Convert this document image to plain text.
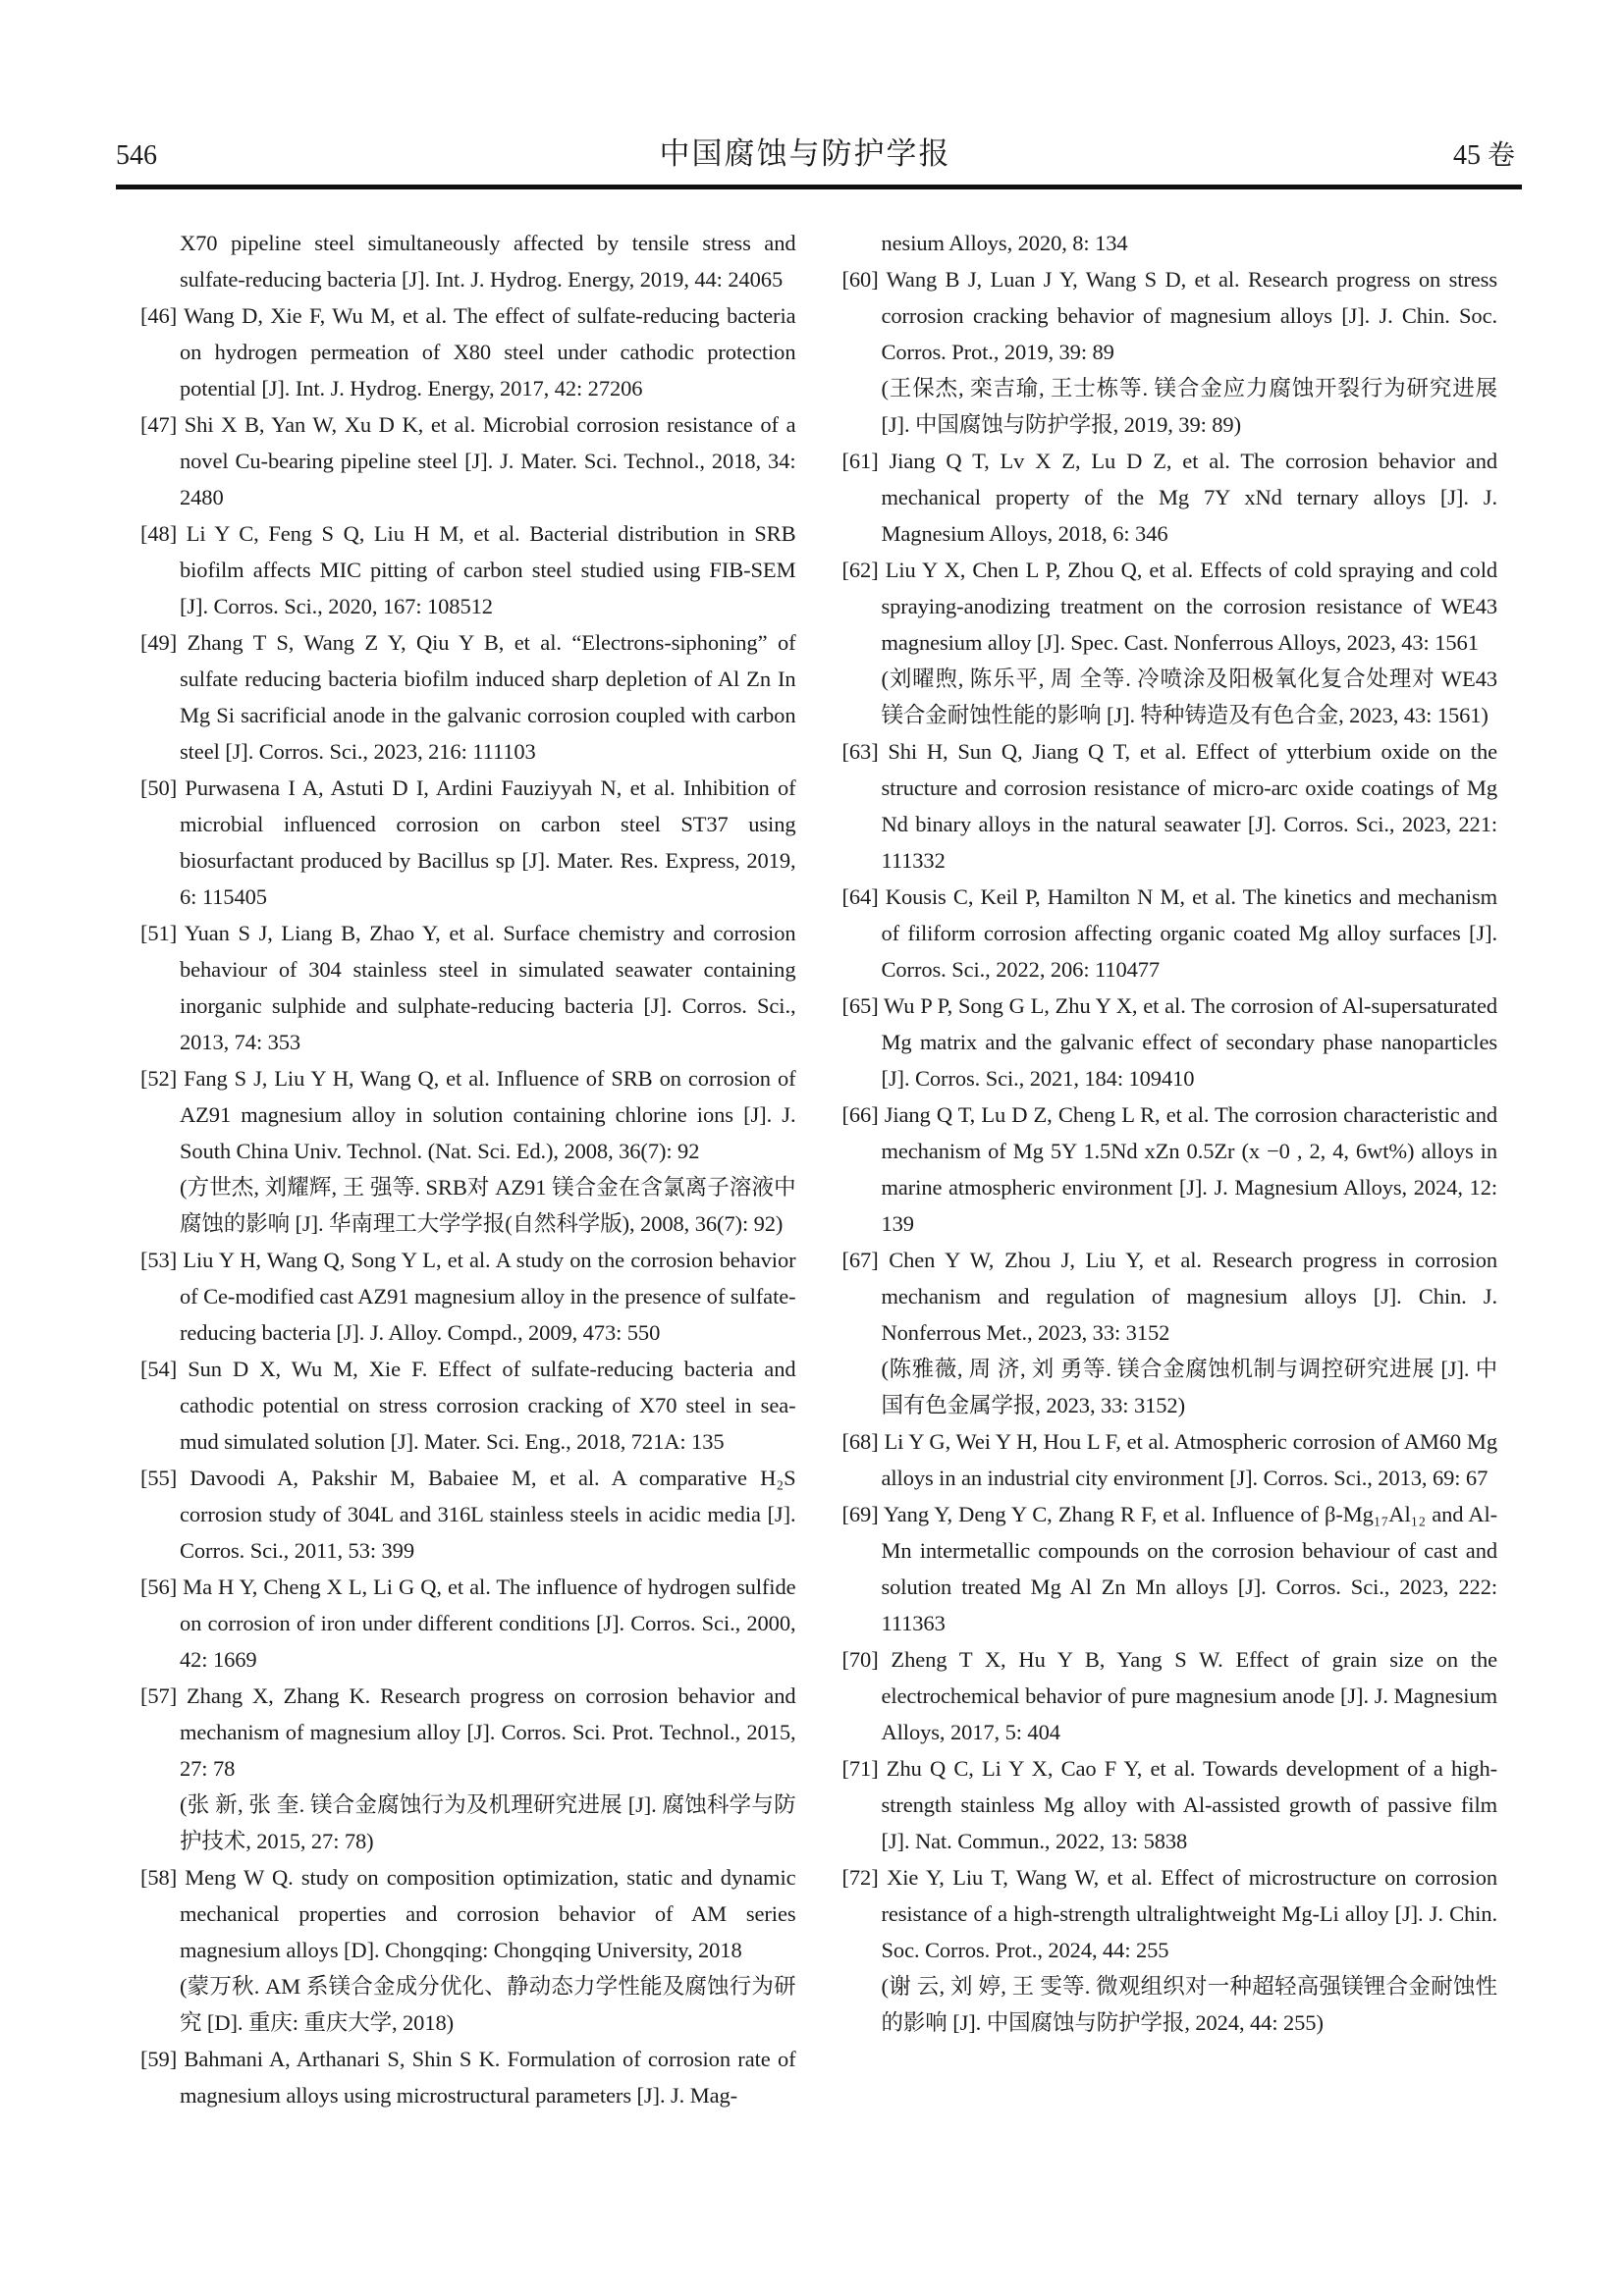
546	中国腐蚀与防护学报	45 卷

X70 pipeline steel simultaneously affected by tensile stress and sulfate-reducing bacteria [J]. Int. J. Hydrog. Energy, 2019, 44: 24065

[46] Wang D, Xie F, Wu M, et al. The effect of sulfate-reducing bacteria on hydrogen permeation of X80 steel under cathodic protection potential [J]. Int. J. Hydrog. Energy, 2017, 42: 27206

[47] Shi X B, Yan W, Xu D K, et al. Microbial corrosion resistance of a novel Cu-bearing pipeline steel [J]. J. Mater. Sci. Technol., 2018, 34: 2480

[48] Li Y C, Feng S Q, Liu H M, et al. Bacterial distribution in SRB biofilm affects MIC pitting of carbon steel studied using FIB-SEM [J]. Corros. Sci., 2020, 167: 108512

[49] Zhang T S, Wang Z Y, Qiu Y B, et al. “Electrons-siphoning” of sulfate reducing bacteria biofilm induced sharp depletion of Al Zn In Mg Si sacrificial anode in the galvanic corrosion coupled with carbon steel [J]. Corros. Sci., 2023, 216: 111103

[50] Purwasena I A, Astuti D I, Ardini Fauziyyah N, et al. Inhibition of microbial influenced corrosion on carbon steel ST37 using biosurfactant produced by Bacillus sp [J]. Mater. Res. Express, 2019, 6: 115405

[51] Yuan S J, Liang B, Zhao Y, et al. Surface chemistry and corrosion behaviour of 304 stainless steel in simulated seawater containing inorganic sulphide and sulphate-reducing bacteria [J]. Corros. Sci., 2013, 74: 353

[52] Fang S J, Liu Y H, Wang Q, et al. Influence of SRB on corrosion of AZ91 magnesium alloy in solution containing chlorine ions [J]. J. South China Univ. Technol. (Nat. Sci. Ed.), 2008, 36(7): 92

(方世杰, 刘耀辉, 王 强等. SRB对 AZ91 镁合金在含氯离子溶液中腐蚀的影响 [J]. 华南理工大学学报(自然科学版), 2008, 36(7): 92)

[53] Liu Y H, Wang Q, Song Y L, et al. A study on the corrosion behavior of Ce-modified cast AZ91 magnesium alloy in the presence of sulfate-reducing bacteria [J]. J. Alloy. Compd., 2009, 473: 550

[54] Sun D X, Wu M, Xie F. Effect of sulfate-reducing bacteria and cathodic potential on stress corrosion cracking of X70 steel in sea-mud simulated solution [J]. Mater. Sci. Eng., 2018, 721A: 135

[55] Davoodi A, Pakshir M, Babaiee M, et al. A comparative H₂S corrosion study of 304L and 316L stainless steels in acidic media [J]. Corros. Sci., 2011, 53: 399

[56] Ma H Y, Cheng X L, Li G Q, et al. The influence of hydrogen sulfide on corrosion of iron under different conditions [J]. Corros. Sci., 2000, 42: 1669

[57] Zhang X, Zhang K. Research progress on corrosion behavior and mechanism of magnesium alloy [J]. Corros. Sci. Prot. Technol., 2015, 27: 78

(张 新, 张 奎. 镁合金腐蚀行为及机理研究进展 [J]. 腐蚀科学与防护技术, 2015, 27: 78)

[58] Meng W Q. study on composition optimization, static and dynamic mechanical properties and corrosion behavior of AM series magnesium alloys [D]. Chongqing: Chongqing University, 2018

(蒙万秋. AM 系镁合金成分优化、静动态力学性能及腐蚀行为研究 [D]. 重庆: 重庆大学, 2018)

[59] Bahmani A, Arthanari S, Shin S K. Formulation of corrosion rate of magnesium alloys using microstructural parameters [J]. J. Mag-

nesium Alloys, 2020, 8: 134

[60] Wang B J, Luan J Y, Wang S D, et al. Research progress on stress corrosion cracking behavior of magnesium alloys [J]. J. Chin. Soc. Corros. Prot., 2019, 39: 89

(王保杰, 栾吉瑜, 王士栋等. 镁合金应力腐蚀开裂行为研究进展 [J]. 中国腐蚀与防护学报, 2019, 39: 89)

[61] Jiang Q T, Lv X Z, Lu D Z, et al. The corrosion behavior and mechanical property of the Mg 7Y xNd ternary alloys [J]. J. Magnesium Alloys, 2018, 6: 346

[62] Liu Y X, Chen L P, Zhou Q, et al. Effects of cold spraying and cold spraying-anodizing treatment on the corrosion resistance of WE43 magnesium alloy [J]. Spec. Cast. Nonferrous Alloys, 2023, 43: 1561

(刘曜煦, 陈乐平, 周 全等. 冷喷涂及阳极氧化复合处理对 WE43 镁合金耐蚀性能的影响 [J]. 特种铸造及有色合金, 2023, 43: 1561)

[63] Shi H, Sun Q, Jiang Q T, et al. Effect of ytterbium oxide on the structure and corrosion resistance of micro-arc oxide coatings of Mg Nd binary alloys in the natural seawater [J]. Corros. Sci., 2023, 221: 111332

[64] Kousis C, Keil P, Hamilton N M, et al. The kinetics and mechanism of filiform corrosion affecting organic coated Mg alloy surfaces [J]. Corros. Sci., 2022, 206: 110477

[65] Wu P P, Song G L, Zhu Y X, et al. The corrosion of Al-supersaturated Mg matrix and the galvanic effect of secondary phase nanoparticles [J]. Corros. Sci., 2021, 184: 109410

[66] Jiang Q T, Lu D Z, Cheng L R, et al. The corrosion characteristic and mechanism of Mg 5Y 1.5Nd xZn 0.5Zr (x −0 , 2, 4, 6wt%) alloys in marine atmospheric environment [J]. J. Magnesium Alloys, 2024, 12: 139

[67] Chen Y W, Zhou J, Liu Y, et al. Research progress in corrosion mechanism and regulation of magnesium alloys [J]. Chin. J. Nonferrous Met., 2023, 33: 3152

(陈雅薇, 周 济, 刘 勇等. 镁合金腐蚀机制与调控研究进展 [J]. 中国有色金属学报, 2023, 33: 3152)

[68] Li Y G, Wei Y H, Hou L F, et al. Atmospheric corrosion of AM60 Mg alloys in an industrial city environment [J]. Corros. Sci., 2013, 69: 67

[69] Yang Y, Deng Y C, Zhang R F, et al. Influence of β-Mg₁₇Al₁₂ and Al-Mn intermetallic compounds on the corrosion behaviour of cast and solution treated Mg Al Zn Mn alloys [J]. Corros. Sci., 2023, 222: 111363

[70] Zheng T X, Hu Y B, Yang S W. Effect of grain size on the electrochemical behavior of pure magnesium anode [J]. J. Magnesium Alloys, 2017, 5: 404

[71] Zhu Q C, Li Y X, Cao F Y, et al. Towards development of a high-strength stainless Mg alloy with Al-assisted growth of passive film [J]. Nat. Commun., 2022, 13: 5838

[72] Xie Y, Liu T, Wang W, et al. Effect of microstructure on corrosion resistance of a high-strength ultralightweight Mg-Li alloy [J]. J. Chin. Soc. Corros. Prot., 2024, 44: 255

(谢 云, 刘 婷, 王 雯等. 微观组织对一种超轻高强镁锂合金耐蚀性的影响 [J]. 中国腐蚀与防护学报, 2024, 44: 255)
